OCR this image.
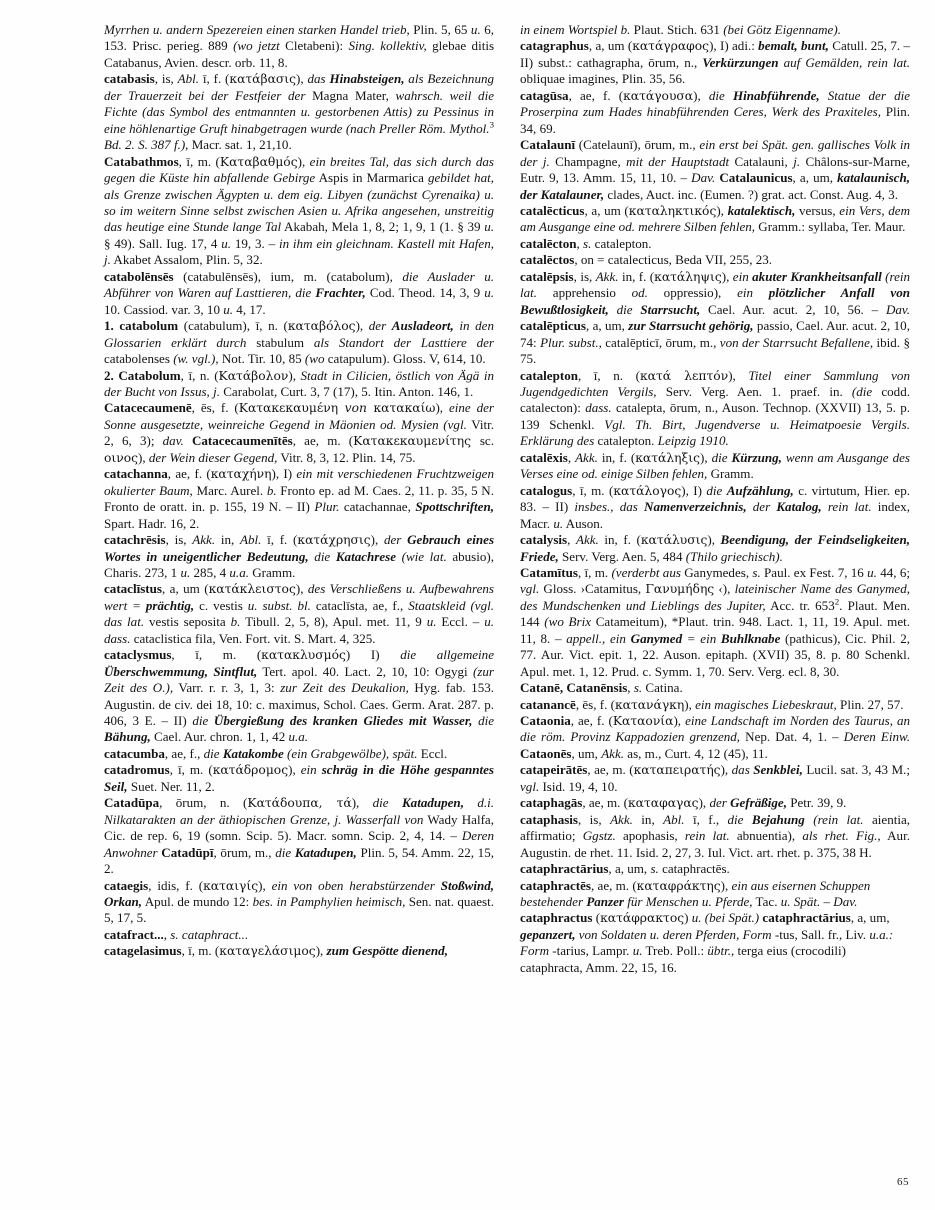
Myrrhen u. andern Spezereien einen starken Handel trieb, Plin. 5, 65 u. 6, 153. Prisc. perieg. 889 (wo jetzt Cletabeni): Sing. kollektiv, glebae ditis Catabanus, Avien. descr. orb. 11, 8.

catabasis, is, Abl. ī, f. (κατάβασις), das Hinabsteigen, als Bezeichnung der Trauerzeit bei der Festfeier der Magna Mater, wahrsch. weil die Fichte (das Symbol des entmannten u. gestorbenen Attis) zu Pessinus in eine höhlenartige Gruft hinabgetragen wurde (nach Preller Röm. Mythol.$^3$ Bd. 2. S. 387 f.), Macr. sat. 1, 21,10.

Catabathmos, ī, m. (Καταβαθμός), ein breites Tal, das sich durch das gegen die Küste hin abfallende Gebirge Aspis in Marmarica gebildet hat, als Grenze zwischen Ägypten u. dem eig. Libyen (zunächst Cyrenaika) u. so im weitern Sinne selbst zwischen Asien u. Afrika angesehen, unstreitig das heutige eine Stunde lange Tal Akabah, Mela 1, 8, 2; 1, 9, 1 (1. § 39 u. § 49). Sall. Iug. 17, 4 u. 19, 3. – in ihm ein gleichnam. Kastell mit Hafen, j. Akabet Assalom, Plin. 5, 32.

catabolēnsēs (catabulēnsēs), ium, m. (catabolum), die Auslader u. Abführer von Waren auf Lasttieren, die Frachter, Cod. Theod. 14, 3, 9 u. 10. Cassiod. var. 3, 10 u. 4, 17.

1. catabolum (catabulum), ī, n. (καταβόλος), der Ausladeort, in den Glossarien erklärt durch stabulum als Standort der Lasttiere der catabolenses (w. vgl.), Not. Tir. 10, 85 (wo catapulum). Gloss. V, 614, 10.

2. Catabolum, ī, n. (Κατάβολον), Stadt in Cilicien, östlich von Ägä in der Bucht von Issus, j. Carabolat, Curt. 3, 7 (17), 5. Itin. Anton. 146, 1.

Catacecaumenē, ēs, f. (Κατακεκαυμένη von κατακαίω), eine der Sonne ausgesetzte, weinreiche Gegend in Mäonien od. Mysien (vgl. Vitr. 2, 6, 3); dav. Catacecaumenītēs, ae, m. (Κατακεκαυμενίτης sc. οινος), der Wein dieser Gegend, Vitr. 8, 3, 12. Plin. 14, 75.

catachanna, ae, f. (καταχήνη), I) ein mit verschiedenen Fruchtzweigen okulierter Baum, Marc. Aurel. b. Fronto ep. ad M. Caes. 2, 11. p. 35, 5 N. Fronto de oratt. in. p. 155, 19 N. – II) Plur. catachannae, Spottschriften, Spart. Hadr. 16, 2.

catachrēsis, is, Akk. in, Abl. ī, f. (κατάχρησις), der Gebrauch eines Wortes in uneigentlicher Bedeutung, die Katachrese (wie lat. abusio), Charis. 273, 1 u. 285, 4 u.a. Gramm.

cataclīstus, a, um (κατάκλειστος), des Verschließens u. Aufbewahrens wert = prächtig, c. vestis u. subst. bl. cataclīsta, ae, f., Staatskleid (vgl. das lat. vestis seposita b. Tibull. 2, 5, 8), Apul. met. 11, 9 u. Eccl. – u. dass. cataclistica fila, Ven. Fort. vit. S. Mart. 4, 325.

cataclysmus, ī, m. (κατακλυσμός) I) die allgemeine Überschwemmung, Sintflut, Tert. apol. 40. Lact. 2, 10, 10: Ogygi (zur Zeit des O.), Varr. r. r. 3, 1, 3: zur Zeit des Deukalion, Hyg. fab. 153. Augustin. de civ. dei 18, 10: c. maximus, Schol. Caes. Germ. Arat. 287. p. 406, 3 E. – II) die Übergießung des kranken Gliedes mit Wasser, die Bähung, Cael. Aur. chron. 1, 1, 42 u.a.

catacumba, ae, f., die Katakombe (ein Grabgewölbe), spät. Eccl.

catadromus, ī, m. (κατάδρομος), ein schräg in die Höhe gespanntes Seil, Suet. Ner. 11, 2.

Catadūpa, ōrum, n. (Κατάδουπα, τά), die Katadupen, d.i. Nilkatarakten an der äthiopischen Grenze, j. Wasserfall von Wady Halfa, Cic. de rep. 6, 19 (somn. Scip. 5). Macr. somn. Scip. 2, 4, 14. – Deren Anwohner Catadūpī, ōrum, m., die Katadupen, Plin. 5, 54. Amm. 22, 15, 2.

cataegis, idis, f. (καταιγίς), ein von oben herabstürzender Stoßwind, Orkan, Apul. de mundo 12: bes. in Pamphylien heimisch, Sen. nat. quaest. 5, 17, 5.

catafract..., s. cataphract...

catagelasimus, ī, m. (καταγελάσιμος), zum Gespötte dienend,

in einem Wortspiel b. Plaut. Stich. 631 (bei Götz Eigenname).

catagraphus, a, um (κατάγραφος), I) adi.: bemalt, bunt, Catull. 25, 7. – II) subst.: cathagrapha, ōrum, n., Verkürzungen auf Gemälden, rein lat. obliquae imagines, Plin. 35, 56.

catagūsa, ae, f. (κατάγουσα), die Hinabführende, Statue der die Proserpina zum Hades hinabführenden Ceres, Werk des Praxiteles, Plin. 34, 69.

Catalaunī (Catelaunī), ōrum, m., ein erst bei Spät. gen. gallisches Volk in der j. Champagne, mit der Hauptstadt Catalauni, j. Châlons-sur-Marne, Eutr. 9, 13. Amm. 15, 11, 10. – Dav. Catalaunicus, a, um, katalaunisch, der Katalauner, clades, Auct. inc. (Eumen. ?) grat. act. Const. Aug. 4, 3.

catalēcticus, a, um (καταληκτικός), katalektisch, versus, ein Vers, dem am Ausgange eine od. mehrere Silben fehlen, Gramm.: syllaba, Ter. Maur.

catalēcton, s. catalepton.

catalēctos, on = catalecticus, Beda VII, 255, 23.

catalēpsis, is, Akk. in, f. (κατάληψις), ein akuter Krankheitsanfall (rein lat. apprehensio od. oppressio), ein plötzlicher Anfall von Bewußtlosigkeit, die Starrsucht, Cael. Aur. acut. 2, 10, 56. – Dav. catalēpticus, a, um, zur Starrsucht gehörig, passio, Cael. Aur. acut. 2, 10, 74: Plur. subst., catalēpticī, ōrum, m., von der Starrsucht Befallene, ibid. § 75.

catalepton, ī, n. (κατά λεπτόν), Titel einer Sammlung von Jugendgedichten Vergils, Serv. Verg. Aen. 1. praef. in. (die codd. catalecton): dass. catalepta, ōrum, n., Auson. Technop. (XXVII) 13, 5. p. 139 Schenkl. Vgl. Th. Birt, Jugendverse u. Heimatpoesie Vergils. Erklärung des catalepton. Leipzig 1910.

catalēxis, Akk. in, f. (κατάληξις), die Kürzung, wenn am Ausgange des Verses eine od. einige Silben fehlen, Gramm.

catalogus, ī, m. (κατάλογος), I) die Aufzählung, c. virtutum, Hier. ep. 83. – II) insbes., das Namenverzeichnis, der Katalog, rein lat. index, Macr. u. Auson.

catalysis, Akk. in, f. (κατάλυσις), Beendigung, der Feindseligkeiten, Friede, Serv. Verg. Aen. 5, 484 (Thilo griechisch).

Catamītus, ī, m. (verderbt aus Ganymedes, s. Paul. ex Fest. 7, 16 u. 44, 6; vgl. Gloss. ›Catamitus, Γανυμήδης ‹), lateinischer Name des Ganymed, des Mundschenken und Lieblings des Jupiter, Acc. tr. $653^2$. Plaut. Men. 144 (wo Brix Catameitum), *Plaut. trin. 948. Lact. 1, 11, 19. Apul. met. 11, 8. – appell., ein Ganymed = ein Buhlknabe (pathicus), Cic. Phil. 2, 77. Aur. Vict. epit. 1, 22. Auson. epitaph. (XVII) 35, 8. p. 80 Schenkl. Apul. met. 1, 12. Prud. c. Symm. 1, 70. Serv. Verg. ecl. 8, 30.

Catanē, Catanēnsis, s. Catina.

catanancē, ēs, f. (κατανάγκη), ein magisches Liebeskraut, Plin. 27, 57.

Cataonia, ae, f. (Καταονία), eine Landschaft im Norden des Taurus, an die röm. Provinz Kappadozien grenzend, Nep. Dat. 4, 1. – Deren Einw. Cataonēs, um, Akk. as, m., Curt. 4, 12 (45), 11.

catapeirātēs, ae, m. (καταπειρατής), das Senkblei, Lucil. sat. 3, 43 M.; vgl. Isid. 19, 4, 10.

cataphagās, ae, m. (καταφαγας), der Gefräßige, Petr. 39, 9.

cataphasis, is, Akk. in, Abl. ī, f., die Bejahung (rein lat. aientia, affirmatio; Ggstz. apophasis, rein lat. abnuentia), als rhet. Fig., Aur. Augustin. de rhet. 11. Isid. 2, 27, 3. Iul. Vict. art. rhet. p. 375, 38 H.

cataphractārius, a, um, s. cataphractēs.

cataphractēs, ae, m. (καταφράκτης), ein aus eisernen Schuppen bestehender Panzer für Menschen u. Pferde, Tac. u. Spät. – Dav. cataphractus (κατάφρακτος) u. (bei Spät.) cataphractārius, a, um, gepanzert, von Soldaten u. deren Pferden, Form -tus, Sall. fr., Liv. u.a.: Form -tarius, Lampr. u. Treb. Poll.: übtr., terga eius (crocodili) cataphracta, Amm. 22, 15, 16.

65
